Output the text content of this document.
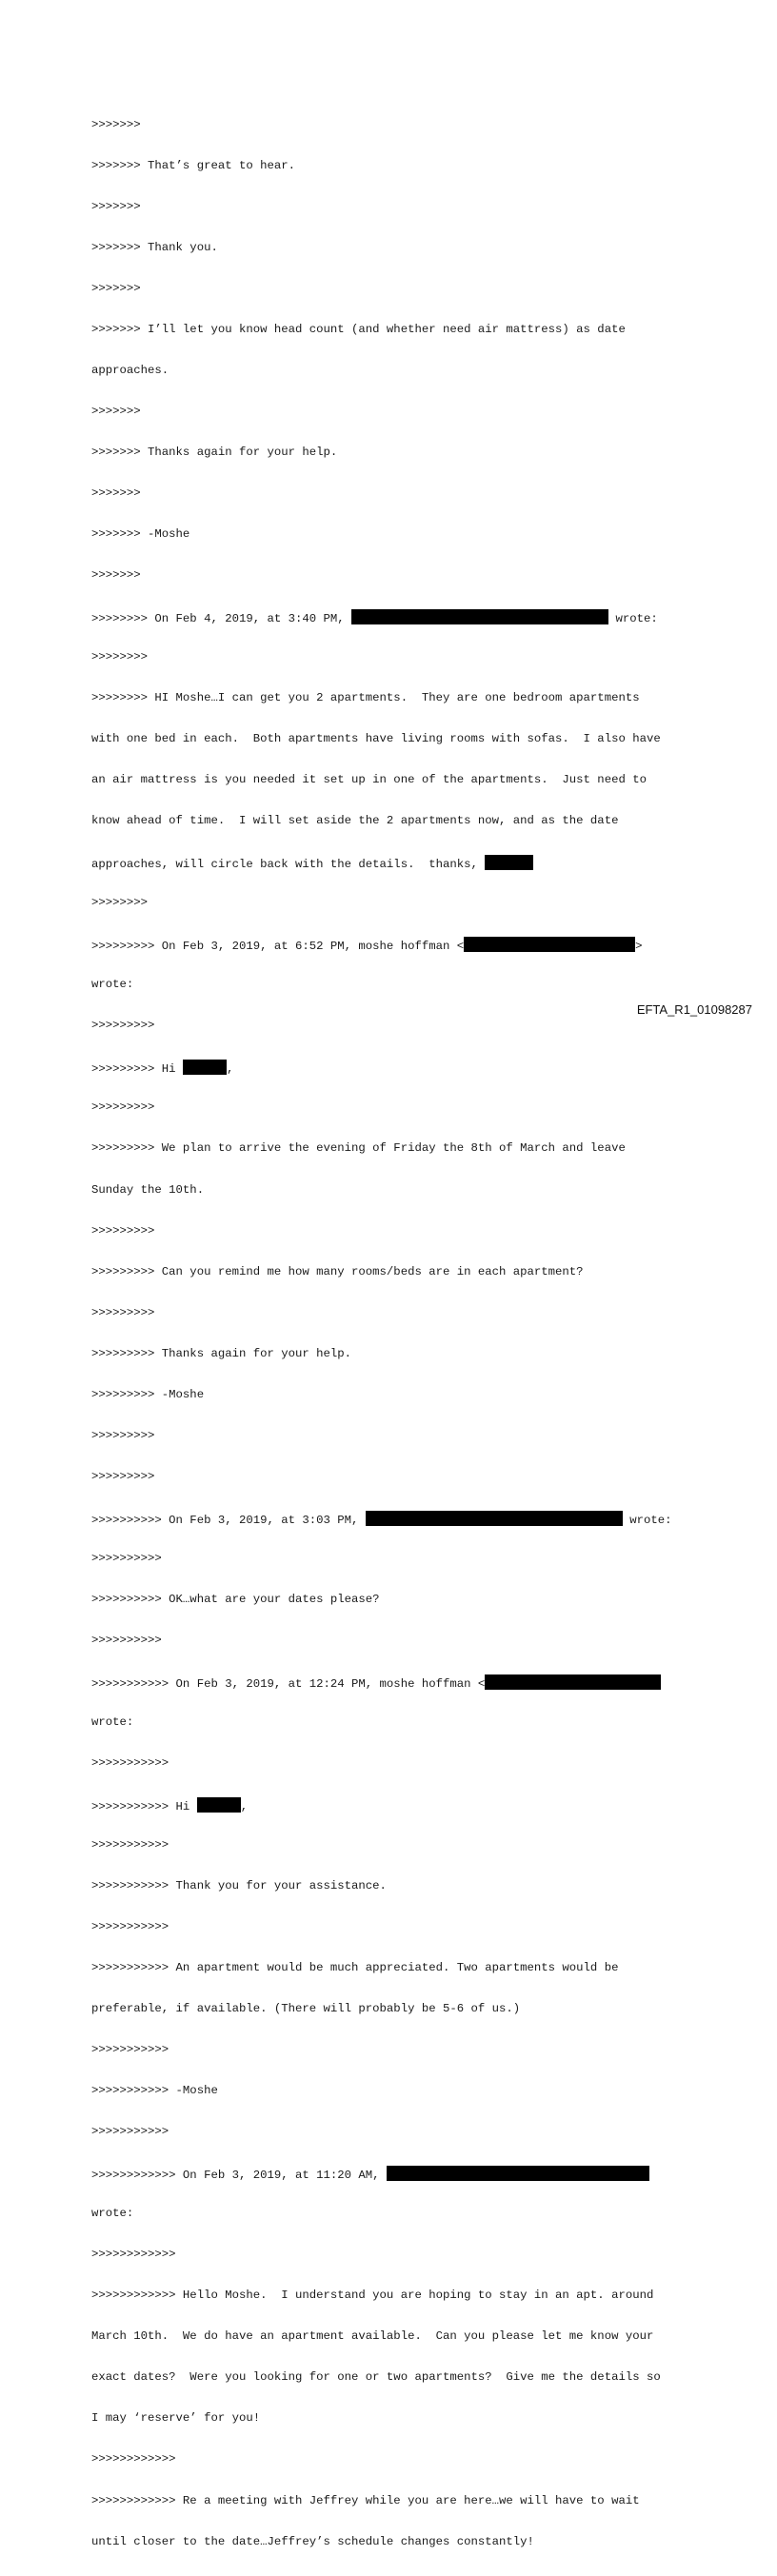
>>>>>>>

>>>>>>> That’s great to hear.

>>>>>>>

>>>>>>> Thank you.

>>>>>>>

>>>>>>> I’ll let you know head count (and whether need air mattress) as date

approaches.

>>>>>>>

>>>>>>> Thanks again for your help.

>>>>>>>

>>>>>>> -Moshe

>>>>>>>

>>>>>>>> On Feb 4, 2019, at 3:40 PM,	wrote:

>>>>>>>>

>>>>>>>> HI Moshe…I can get you 2 apartments.  They are one bedroom apartments

with one bed in each.  Both apartments have living rooms with sofas.  I also have

an air mattress is you needed it set up in one of the apartments.  Just need to

know ahead of time.  I will set aside the 2 apartments now, and as the date

approaches, will circle back with the details.  thanks,

>>>>>>>>

>>>>>>>>> On Feb 3, 2019, at 6:52 PM, moshe hoffman <	>

wrote:

>>>>>>>>>

>>>>>>>>> Hi	,

>>>>>>>>>

>>>>>>>>> We plan to arrive the evening of Friday the 8th of March and leave

Sunday the 10th.

>>>>>>>>>

>>>>>>>>> Can you remind me how many rooms/beds are in each apartment?

>>>>>>>>>

>>>>>>>>> Thanks again for your help.

>>>>>>>>> -Moshe

>>>>>>>>>

>>>>>>>>>

>>>>>>>>>> On Feb 3, 2019, at 3:03 PM,	wrote:

>>>>>>>>>>

>>>>>>>>>> OK…what are your dates please?

>>>>>>>>>>

>>>>>>>>>>> On Feb 3, 2019, at 12:24 PM, moshe hoffman <

wrote:

>>>>>>>>>>>

>>>>>>>>>>> Hi	,

>>>>>>>>>>>

>>>>>>>>>>> Thank you for your assistance.

>>>>>>>>>>>

>>>>>>>>>>> An apartment would be much appreciated. Two apartments would be

preferable, if available. (There will probably be 5-6 of us.)

>>>>>>>>>>>

>>>>>>>>>>> -Moshe

>>>>>>>>>>>

>>>>>>>>>>>> On Feb 3, 2019, at 11:20 AM,

wrote:

>>>>>>>>>>>>

>>>>>>>>>>>> Hello Moshe.  I understand you are hoping to stay in an apt. around

March 10th.  We do have an apartment available.  Can you please let me know your

exact dates?  Were you looking for one or two apartments?  Give me the details so

I may ‘reserve’ for you!

>>>>>>>>>>>>

>>>>>>>>>>>> Re a meeting with Jeffrey while you are here…we will have to wait

until closer to the date…Jeffrey’s schedule changes constantly!

EFTA_R1_01098287
